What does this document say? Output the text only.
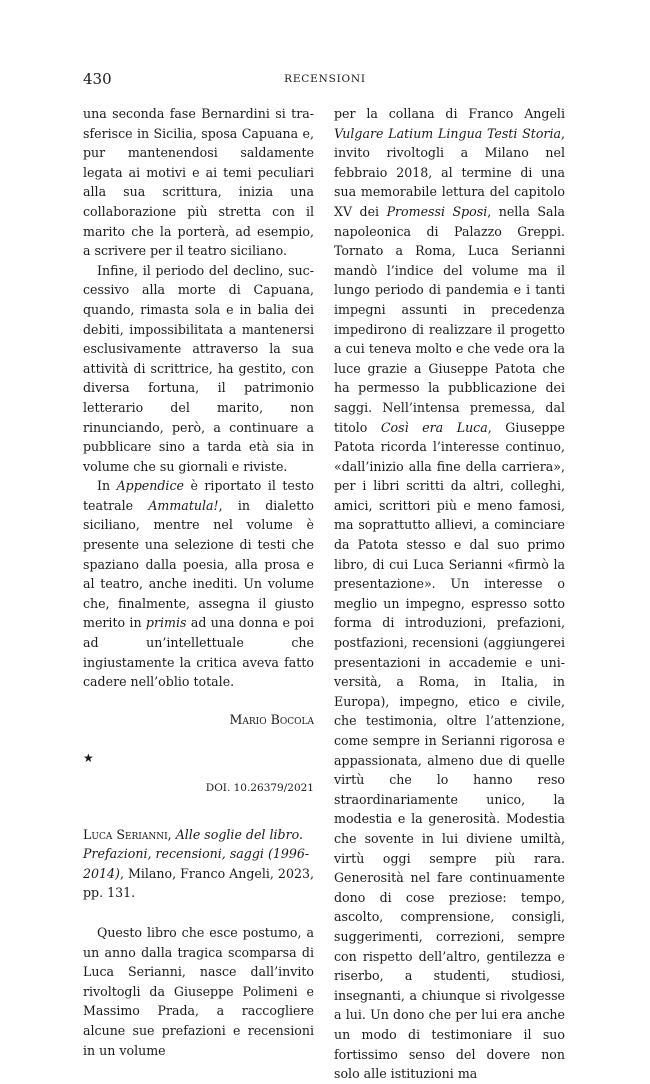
430	RECENSIONI

una seconda fase Bernardini si trasferisce in Sicilia, sposa Capuana e, pur mantenendosi saldamente legata ai motivi e ai temi peculiari alla sua scrittura, inizia una collaborazione più stretta con il marito che la porterà, ad esempio, a scrivere per il teatro siciliano.

Infine, il periodo del declino, successivo alla morte di Capuana, quando, rimasta sola e in balia dei debiti, impossibilitata a mantenersi esclusivamente attraverso la sua attività di scrittrice, ha gestito, con diversa fortuna, il patrimonio letterario del marito, non rinunciando, però, a continuare a pubblicare sino a tarda età sia in volume che su giornali e riviste.

In Appendice è riportato il testo teatrale Ammatula!, in dialetto siciliano, mentre nel volume è presente una selezione di testi che spaziano dalla poesia, alla prosa e al teatro, anche inediti. Un volume che, finalmente, assegna il giusto merito in primis ad una donna e poi ad un’intellettuale che ingiustamente la critica aveva fatto cadere nell’oblio totale.

Mario Bocola

★

DOI. 10.26379/2021

Luca Serianni, Alle soglie del libro. Prefazioni, recensioni, saggi (1996-2014), Milano, Franco Angeli, 2023, pp. 131.

Questo libro che esce postumo, a un anno dalla tragica scomparsa di Luca Serianni, nasce dall’invito rivoltogli da Giuseppe Polimeni e Massimo Prada, a raccogliere alcune sue prefazioni e recensioni in un volume

per la collana di Franco Angeli Vulgare Latium Lingua Testi Storia, invito rivoltogli a Milano nel febbraio 2018, al termine di una sua memorabile lettura del capitolo XV dei Promessi Sposi, nella Sala napoleonica di Palazzo Greppi. Tornato a Roma, Luca Serianni mandò l’indice del volume ma il lungo periodo di pandemia e i tanti impegni assunti in precedenza impedirono di realizzare il progetto a cui teneva molto e che vede ora la luce grazie a Giuseppe Patota che ha permesso la pubblicazione dei saggi. Nell’intensa premessa, dal titolo Così era Luca, Giuseppe Patota ricorda l’interesse continuo, «dall’inizio alla fine della carriera», per i libri scritti da altri, colleghi, amici, scrittori più e meno famosi, ma soprattutto allievi, a cominciare da Patota stesso e dal suo primo libro, di cui Luca Serianni «firmò la presentazione». Un interesse o meglio un impegno, espresso sotto forma di introduzioni, prefazioni, postfazioni, recensioni (aggiungerei presentazioni in accademie e università, a Roma, in Italia, in Europa), impegno, etico e civile, che testimonia, oltre l’attenzione, come sempre in Serianni rigorosa e appassionata, almeno due di quelle virtù che lo hanno reso straordinariamente unico, la modestia e la generosità. Modestia che sovente in lui diviene umiltà, virtù oggi sempre più rara. Generosità nel fare continuamente dono di cose preziose: tempo, ascolto, comprensione, consigli, suggerimenti, correzioni, sempre con rispetto dell’altro, gentilezza e riserbo, a studenti, studiosi, insegnanti, a chiunque si rivolgesse a lui. Un dono che per lui era anche un modo di testimoniare il suo fortissimo senso del dovere non solo alle istituzioni ma
